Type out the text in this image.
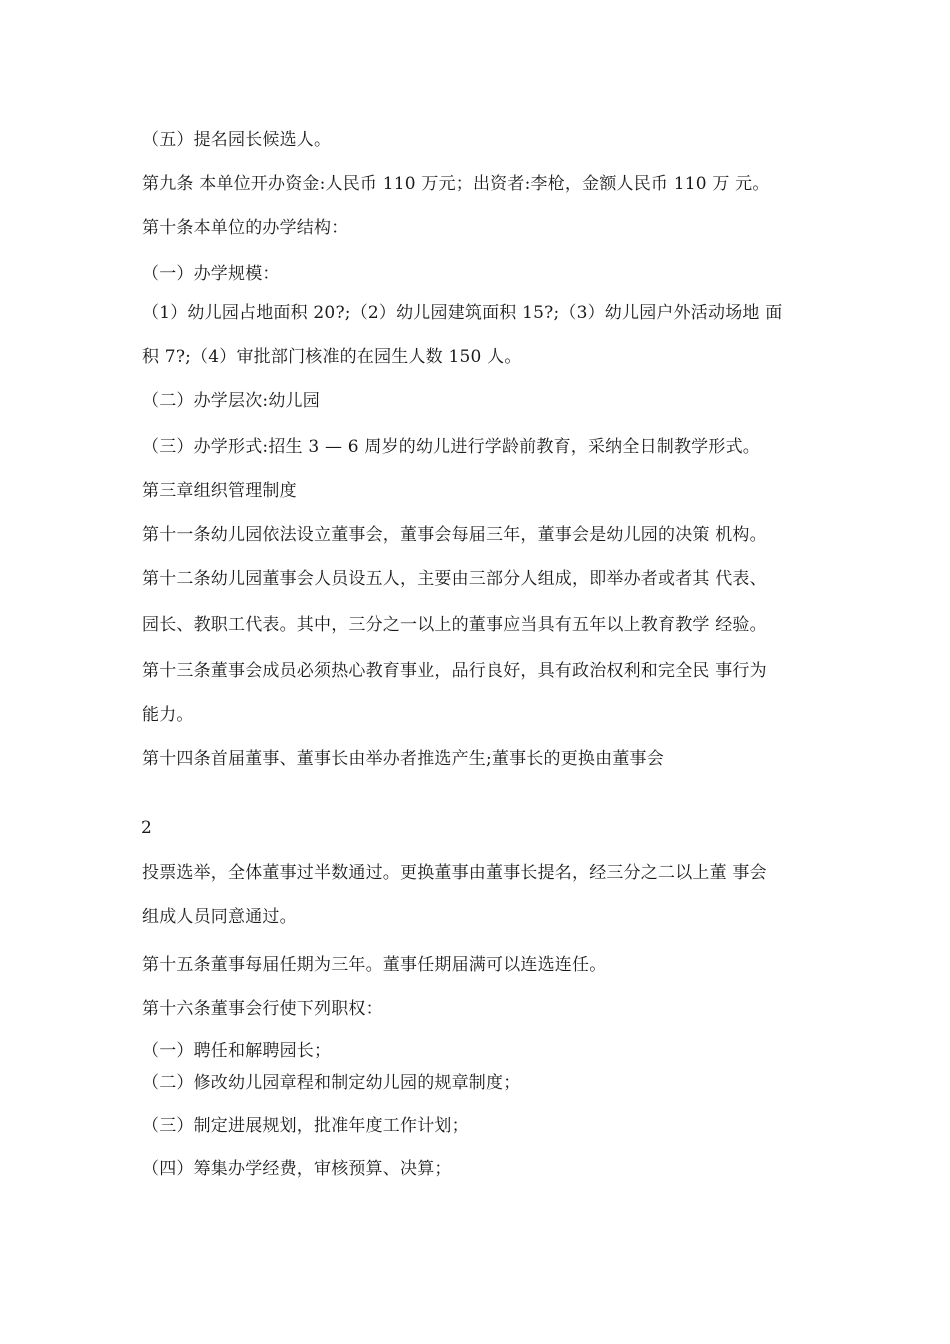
（五）提名园长候选人。
第九条 本单位开办资金:人民币 110 万元；出资者:李枪，金额人民币 110 万 元。
第十条本单位的办学结构：
（一）办学规模：
（1）幼儿园占地面积 20?;（2）幼儿园建筑面积 15?;（3）幼儿园户外活动场地 面
积 7?;（4）审批部门核准的在园生人数 150 人。
（二）办学层次:幼儿园
（三）办学形式:招生 3 — 6 周岁的幼儿进行学龄前教育，采纳全日制教学形式。
第三章组织管理制度
第十一条幼儿园依法设立董事会，董事会每届三年，董事会是幼儿园的决策 机构。
第十二条幼儿园董事会人员设五人，主要由三部分人组成，即举办者或者其 代表、
园长、教职工代表。其中，三分之一以上的董事应当具有五年以上教育教学 经验。
第十三条董事会成员必须热心教育事业，品行良好，具有政治权利和完全民 事行为
能力。
第十四条首届董事、董事长由举办者推选产生;董事长的更换由董事会
2
投票选举，全体董事过半数通过。更换董事由董事长提名，经三分之二以上董 事会
组成人员同意通过。
第十五条董事每届任期为三年。董事任期届满可以连选连任。
第十六条董事会行使下列职权：
（一）聘任和解聘园长；
（二）修改幼儿园章程和制定幼儿园的规章制度；
（三）制定进展规划，批准年度工作计划；
（四）筹集办学经费，审核预算、决算；
